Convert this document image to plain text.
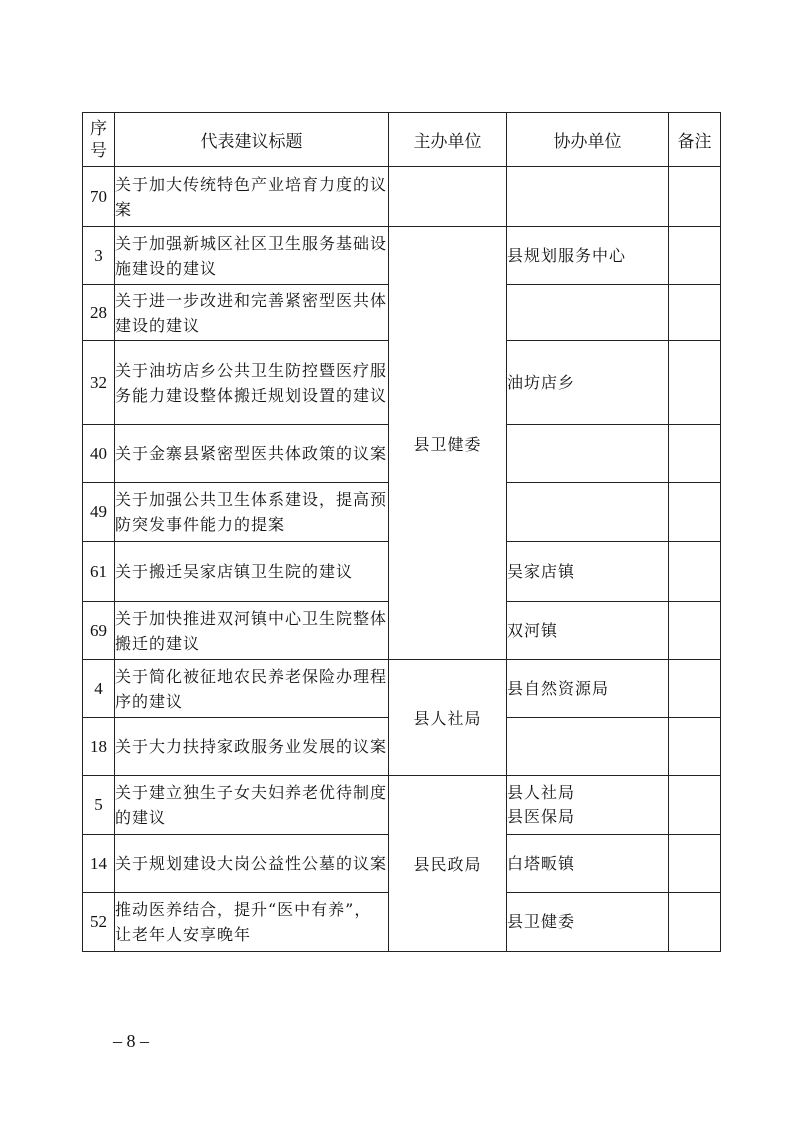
序号	代表建议标题	主办单位	协办单位	备注
70	关于加大传统特色产业培育力度的议案			
3	关于加强新城区社区卫生服务基础设施建设的建议	县卫健委	县规划服务中心	

28	关于进一步改进和完善紧密型医共体建设的建议			
32	关于油坊店乡公共卫生防控暨医疗服务能力建设整体搬迁规划设置的建议		油坊店乡	

40	关于金寨县紧密型医共体政策的议案			
49	关于加强公共卫生体系建设，提高预防突发事件能力的提案			
61	关于搬迁吴家店镇卫生院的建议		吴家店镇	

69	关于加快推进双河镇中心卫生院整体搬迁的建议		双河镇	

4	关于简化被征地农民养老保险办理程序的建议	县人社局	县自然资源局	

18	关于大力扶持家政服务业发展的议案			
5	关于建立独生子女夫妇养老优待制度的建议	县民政局	县人社局
县医保局	

14	关于规划建设大岗公益性公墓的议案		白塔畈镇	

52	推动医养结合，提升“医中有养”，让老年人安享晚年		县卫健委	

– 8 –
